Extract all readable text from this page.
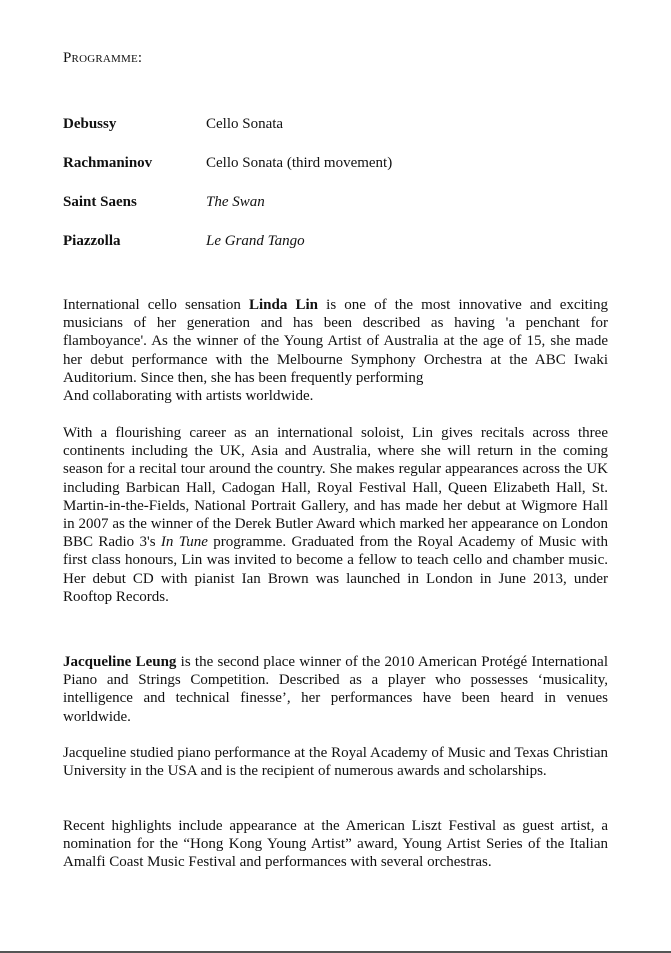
Programme:
Debussy	Cello Sonata
Rachmaninov	Cello Sonata (third movement)
Saint Saens	The Swan
Piazzolla	Le Grand Tango

International cello sensation Linda Lin is one of the most innovative and exciting musicians of her generation and has been described as having 'a penchant for flamboyance'. As the winner of the Young Artist of Australia at the age of 15, she made her debut performance with the Melbourne Symphony Orchestra at the ABC Iwaki Auditorium. Since then, she has been frequently performing
And collaborating with artists worldwide.

With a flourishing career as an international soloist, Lin gives recitals across three continents including the UK, Asia and Australia, where she will return in the coming season for a recital tour around the country. She makes regular appearances across the UK including Barbican Hall, Cadogan Hall, Royal Festival Hall, Queen Elizabeth Hall, St. Martin-in-the-Fields, National Portrait Gallery, and has made her debut at Wigmore Hall in 2007 as the winner of the Derek Butler Award which marked her appearance on London BBC Radio 3's In Tune programme. Graduated from the Royal Academy of Music with first class honours, Lin was invited to become a fellow to teach cello and chamber music. Her debut CD with pianist Ian Brown was launched in London in June 2013, under Rooftop Records.

Jacqueline Leung is the second place winner of the 2010 American Protégé International Piano and Strings Competition. Described as a player who possesses ‘musicality, intelligence and technical finesse’, her performances have been heard in venues worldwide.

Jacqueline studied piano performance at the Royal Academy of Music and Texas Christian University in the USA and is the recipient of numerous awards and scholarships.

Recent highlights include appearance at the American Liszt Festival as guest artist, a nomination for the “Hong Kong Young Artist” award, Young Artist Series of the Italian Amalfi Coast Music Festival and performances with several orchestras.
